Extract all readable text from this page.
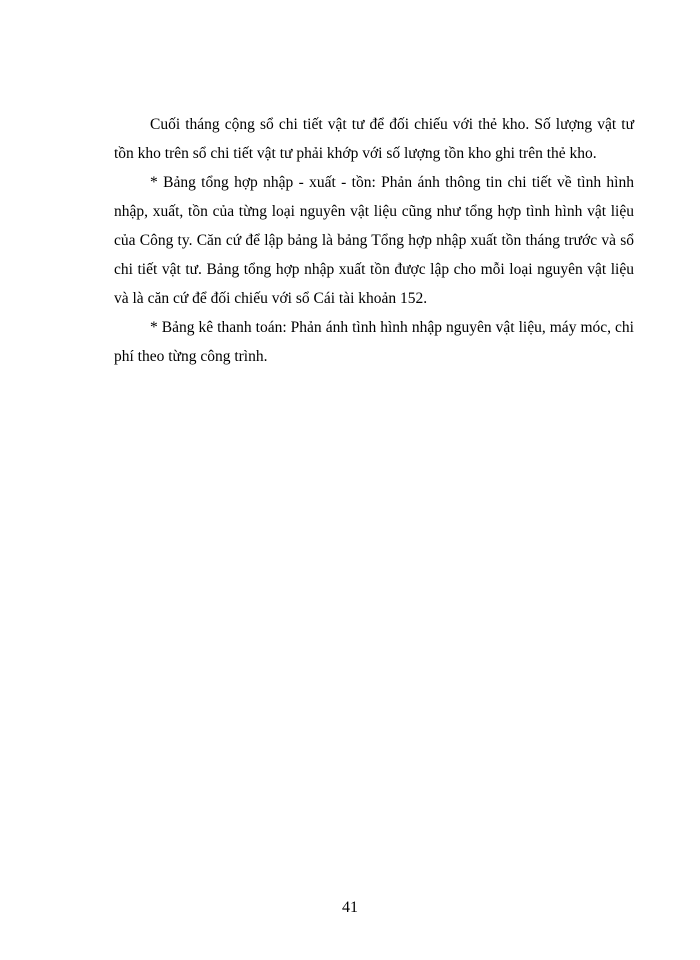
Cuối tháng cộng sổ chi tiết vật tư để đối chiếu với thẻ kho. Số lượng vật tư tồn kho trên sổ chi tiết vật tư phải khớp với số lượng tồn kho ghi trên thẻ kho.

* Bảng tổng hợp nhập - xuất - tồn: Phản ánh thông tin chi tiết về tình hình nhập, xuất, tồn của từng loại nguyên vật liệu cũng như tổng hợp tình hình vật liệu của Công ty. Căn cứ để lập bảng là bảng Tổng hợp nhập xuất tồn tháng trước và sổ chi tiết vật tư. Bảng tổng hợp nhập xuất tồn được lập cho mỗi loại nguyên vật liệu và là căn cứ để đối chiếu với sổ Cái tài khoản 152.

* Bảng kê thanh toán: Phản ánh tình hình nhập nguyên vật liệu, máy móc, chi phí theo từng công trình.

41
